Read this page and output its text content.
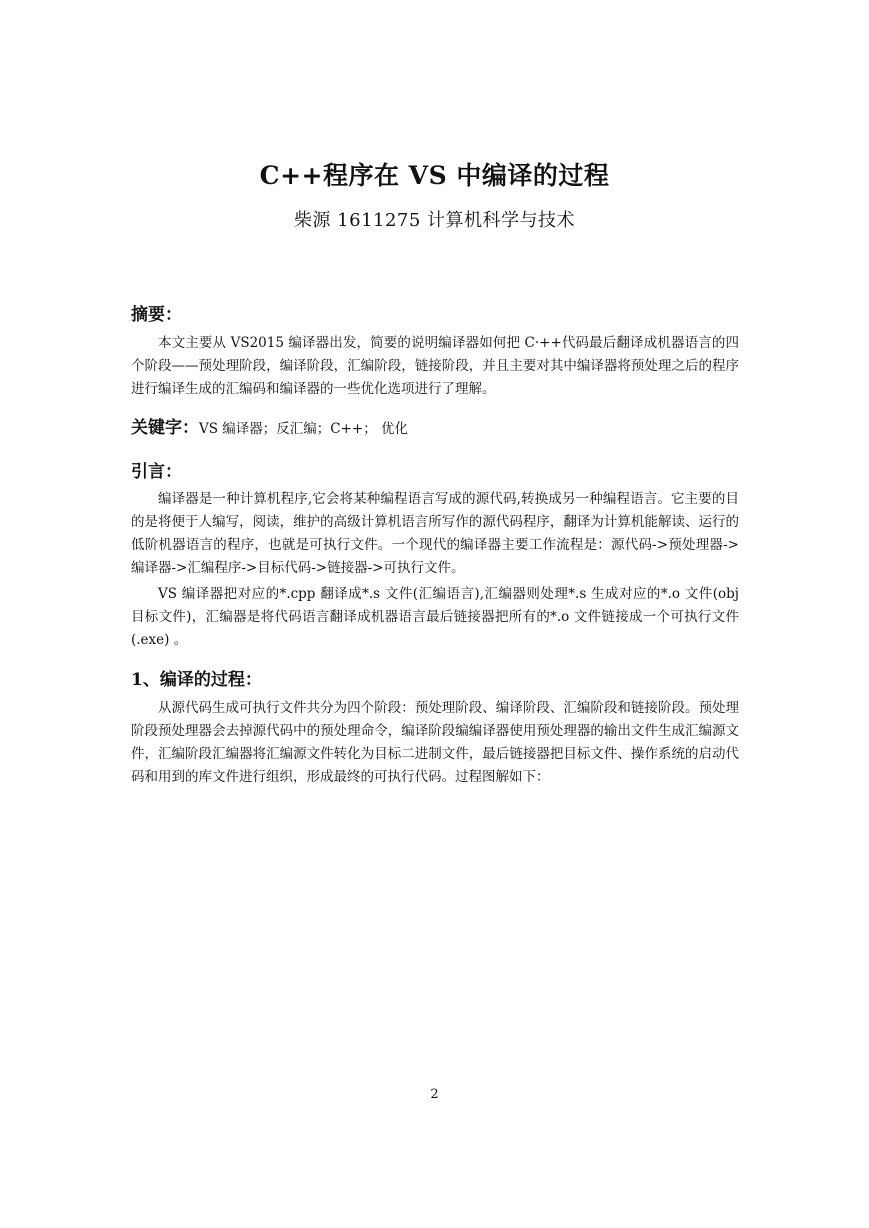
C++程序在 VS 中编译的过程
柴源 1611275 计算机科学与技术
摘要：

本文主要从 VS2015 编译器出发，简要的说明编译器如何把 C·++代码最后翻译成机器语言的四个阶段——预处理阶段，编译阶段，汇编阶段，链接阶段，并且主要对其中编译器将预处理之后的程序进行编译生成的汇编码和编译器的一些优化选项进行了理解。

关键字：VS 编译器；反汇编；C++； 优化
引言：

编译器是一种计算机程序,它会将某种编程语言写成的源代码,转换成另一种编程语言。它主要的目的是将便于人编写，阅读，维护的高级计算机语言所写作的源代码程序，翻译为计算机能解读、运行的低阶机器语言的程序，也就是可执行文件。一个现代的编译器主要工作流程是：源代码->预处理器->编译器->汇编程序->目标代码->链接器->可执行文件。

VS 编译器把对应的*.cpp 翻译成*.s 文件(汇编语言),汇编器则处理*.s 生成对应的*.o 文件(obj 目标文件)，汇编器是将代码语言翻译成机器语言最后链接器把所有的*.o 文件链接成一个可执行文件(.exe) 。

1、编译的过程：

从源代码生成可执行文件共分为四个阶段：预处理阶段、编译阶段、汇编阶段和链接阶段。预处理阶段预处理器会去掉源代码中的预处理命令，编译阶段编编译器使用预处理器的输出文件生成汇编源文件，汇编阶段汇编器将汇编源文件转化为目标二进制文件，最后链接器把目标文件、操作系统的启动代码和用到的库文件进行组织，形成最终的可执行代码。过程图解如下：

2
